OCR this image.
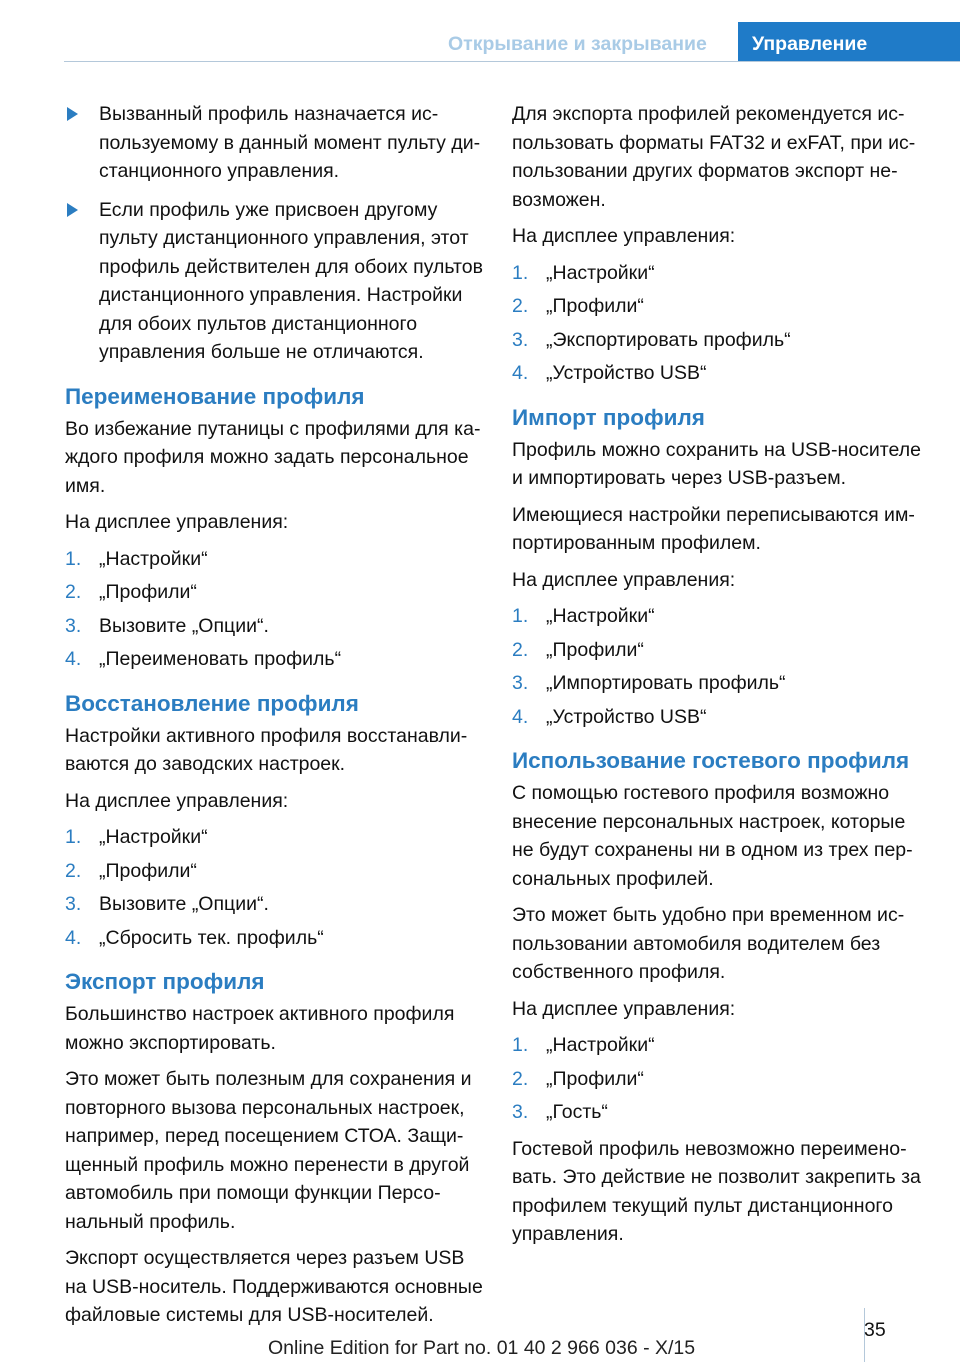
Открывание и закрывание	Управление
Вызванный профиль назначается используемому в данный момент пульту дистанционного управления.
Если профиль уже присвоен другому пульту дистанционного управления, этот профиль действителен для обоих пультов дистанционного управления. Настройки для обоих пультов дистанционного управления больше не отличаются.
Переименование профиля

Во избежание путаницы с профилями для каждого профиля можно задать персональное имя.

На дисплее управления:

1. „Настройки“
2. „Профили“
3. Вызовите „Опции“.
4. „Переименовать профиль“
Восстановление профиля

Настройки активного профиля восстанавливаются до заводских настроек.

На дисплее управления:

1. „Настройки“
2. „Профили“
3. Вызовите „Опции“.
4. „Сбросить тек. профиль“
Экспорт профиля

Большинство настроек активного профиля можно экспортировать.

Это может быть полезным для сохранения и повторного вызова персональных настроек, например, перед посещением СТОА. Защищенный профиль можно перенести в другой автомобиль при помощи функции Персональный профиль.

Экспорт осуществляется через разъем USB на USB-носитель. Поддерживаются основные файловые системы для USB-носителей.

Для экспорта профилей рекомендуется использовать форматы FAT32 и exFAT, при использовании других форматов экспорт невозможен.

На дисплее управления:

1. „Настройки“
2. „Профили“
3. „Экспортировать профиль“
4. „Устройство USB“
Импорт профиля

Профиль можно сохранить на USB-носителе и импортировать через USB-разъем.

Имеющиеся настройки переписываются импортированным профилем.

На дисплее управления:

1. „Настройки“
2. „Профили“
3. „Импортировать профиль“
4. „Устройство USB“
Использование гостевого профиля

С помощью гостевого профиля возможно внесение персональных настроек, которые не будут сохранены ни в одном из трех персональных профилей.

Это может быть удобно при временном использовании автомобиля водителем без собственного профиля.

На дисплее управления:

1. „Настройки“
2. „Профили“
3. „Гость“

Гостевой профиль невозможно переименовать. Это действие не позволит закрепить за профилем текущий пульт дистанционного управления.

35
Online Edition for Part no. 01 40 2 966 036 - X/15
